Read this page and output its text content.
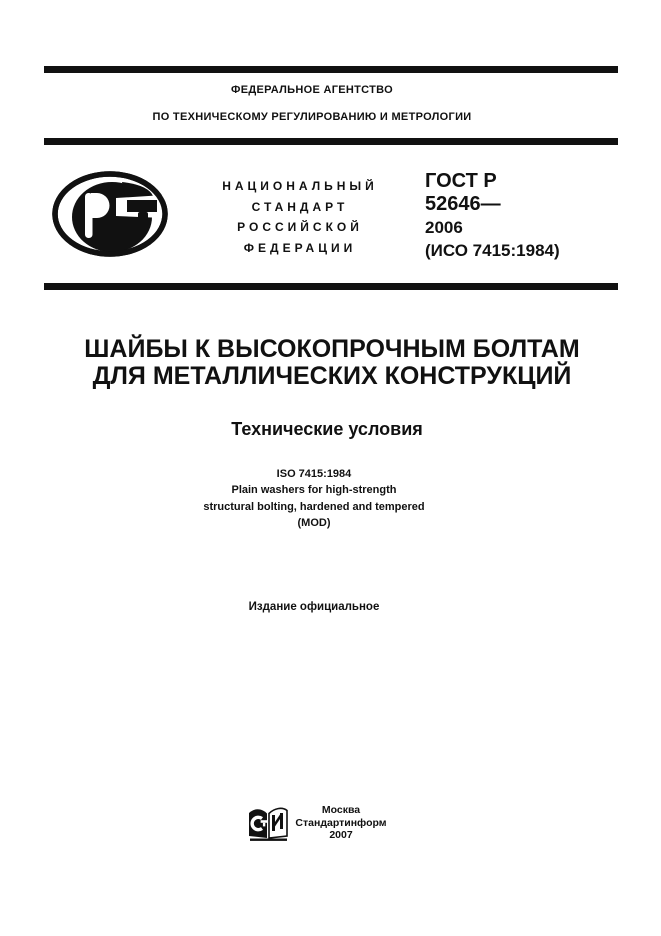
ФЕДЕРАЛЬНОЕ АГЕНТСТВО
ПО ТЕХНИЧЕСКОМУ РЕГУЛИРОВАНИЮ И МЕТРОЛОГИИ
НАЦИОНАЛЬНЫЙ
СТАНДАРТ
РОССИЙСКОЙ
ФЕДЕРАЦИИ
ГОСТ Р
52646—
2006
(ИСО 7415:1984)
ШАЙБЫ К ВЫСОКОПРОЧНЫМ БОЛТАМ
ДЛЯ МЕТАЛЛИЧЕСКИХ КОНСТРУКЦИЙ
Технические условия
ISO 7415:1984
Plain washers for high-strength
structural bolting, hardened and tempered
(MOD)
Издание официальное
Москва
Стандартинформ
2007
